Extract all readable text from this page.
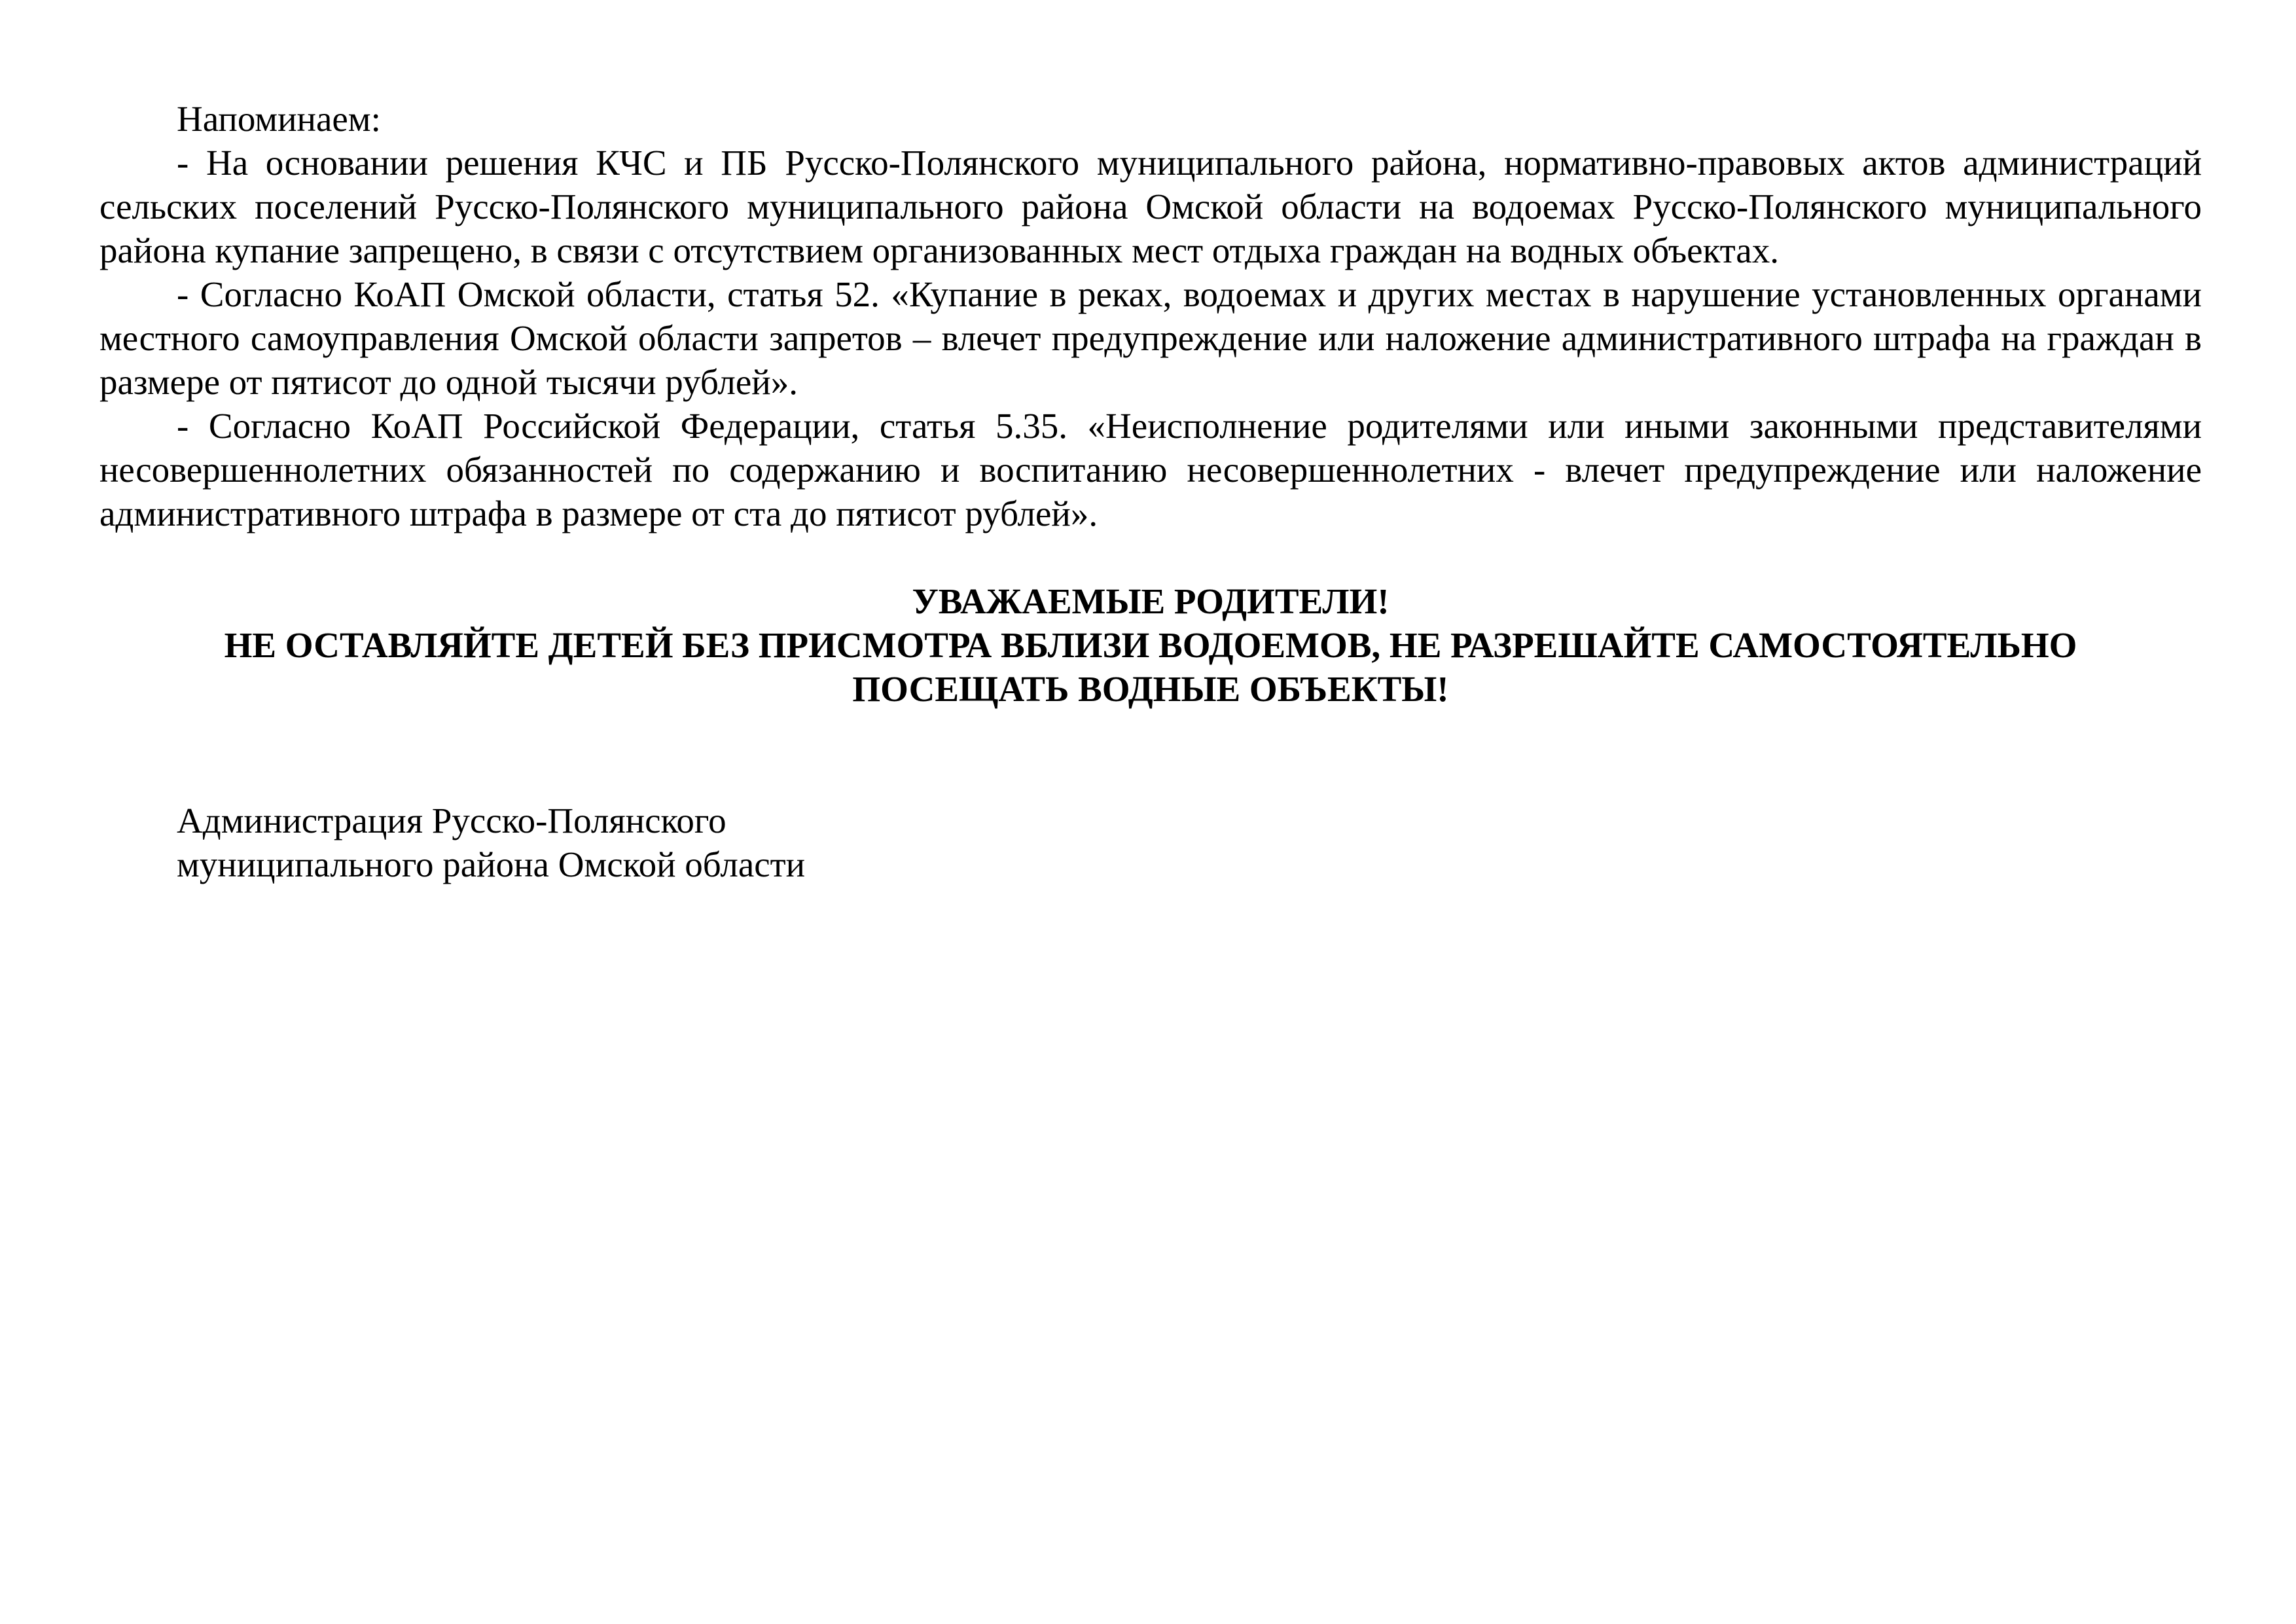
Напоминаем:

- На основании решения КЧС и ПБ Русско-Полянского муниципального района, нормативно-правовых актов администраций сельских поселений Русско-Полянского муниципального района Омской области на водоемах Русско-Полянского муниципального района купание запрещено, в связи с отсутствием организованных мест отдыха граждан на водных объектах.

- Согласно КоАП Омской области, статья 52. «Купание в реках, водоемах и других местах в нарушение установленных органами местного самоуправления Омской области запретов – влечет предупреждение или наложение административного штрафа на граждан в размере от пятисот до одной тысячи рублей».

- Согласно КоАП Российской Федерации, статья 5.35. «Неисполнение родителями или иными законными представителями несовершеннолетних обязанностей по содержанию и воспитанию несовершеннолетних - влечет предупреждение или наложение административного штрафа в размере от ста до пятисот рублей».

УВАЖАЕМЫЕ РОДИТЕЛИ!
НЕ ОСТАВЛЯЙТЕ ДЕТЕЙ БЕЗ ПРИСМОТРА ВБЛИЗИ ВОДОЕМОВ, НЕ РАЗРЕШАЙТЕ САМОСТОЯТЕЛЬНО
ПОСЕЩАТЬ ВОДНЫЕ ОБЪЕКТЫ!
Администрация Русско-Полянского
муниципального района Омской области
